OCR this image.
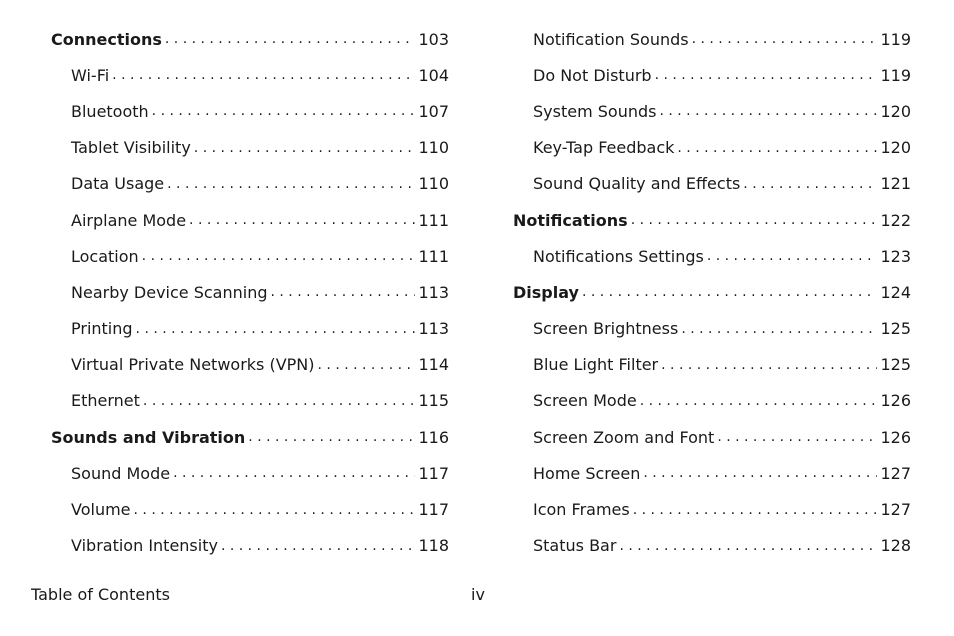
Connections . . .	103
Wi-Fi . . .	104
Bluetooth . . .	107
Tablet Visibility . . .	110
Data Usage . . .	110
Airplane Mode . . .	111
Location . . .	111
Nearby Device Scanning . . .	113
Printing . . .	113
Virtual Private Networks (VPN) . . .	114
Ethernet . . .	115
Sounds and Vibration . . .	116
Sound Mode . . .	117
Volume . . .	117
Vibration Intensity . . .	118
Notification Sounds . . .	119
Do Not Disturb . . .	119
System Sounds . . .	120
Key-Tap Feedback . . .	120
Sound Quality and Effects . . .	121
Notifications . . .	122
Notifications Settings . . .	123
Display . . .	124
Screen Brightness . . .	125
Blue Light Filter . . .	125
Screen Mode . . .	126
Screen Zoom and Font . . .	126
Home Screen . . .	127
Icon Frames . . .	127
Status Bar . . .	128
Table of Contents	iv
